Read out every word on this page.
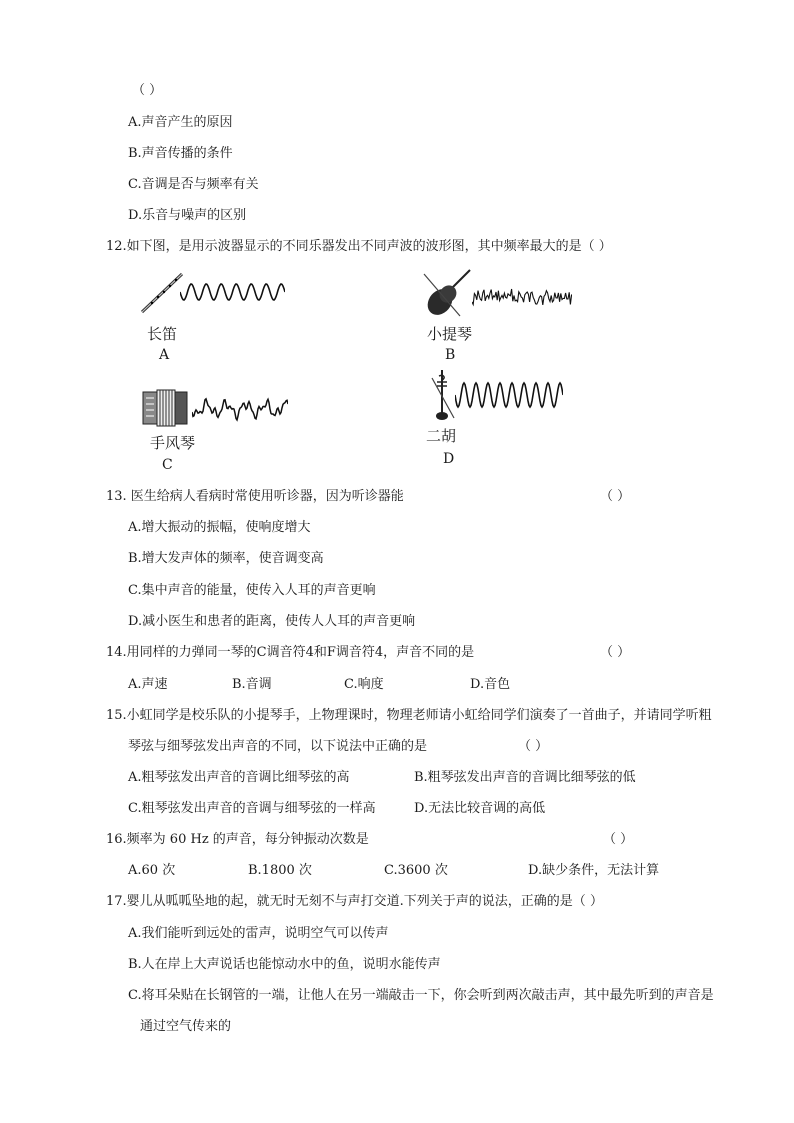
（ ）
A.声音产生的原因
B.声音传播的条件
C.音调是否与频率有关
D.乐音与噪声的区别
12.如下图，是用示波器显示的不同乐器发出不同声波的波形图，其中频率最大的是（ ）
长笛
A
小提琴
B
手风琴
C
二胡
D
13. 医生给病人看病时常使用听诊器，因为听诊器能	（ ）
A.增大振动的振幅，使响度增大
B.增大发声体的频率，使音调变高
C.集中声音的能量，使传入人耳的声音更响
D.减小医生和患者的距离，使传人人耳的声音更响
14.用同样的力弹同一琴的C调音符4和F调音符4，声音不同的是	（ ）
A.声速	B.音调	C.响度	D.音色
15.小虹同学是校乐队的小提琴手，上物理课时，物理老师请小虹给同学们演奏了一首曲子，并请同学听粗
琴弦与细琴弦发出声音的不同，以下说法中正确的是	（ ）
A.粗琴弦发出声音的音调比细琴弦的高	B.粗琴弦发出声音的音调比细琴弦的低
C.粗琴弦发出声音的音调与细琴弦的一样高	D.无法比较音调的高低
16.频率为 60 Hz 的声音，每分钟振动次数是	（ ）
A.60 次	B.1800 次	C.3600 次	D.缺少条件，无法计算
17.婴儿从呱呱坠地的起，就无时无刻不与声打交道.下列关于声的说法，正确的是（ ）
A.我们能听到远处的雷声，说明空气可以传声
B.人在岸上大声说话也能惊动水中的鱼，说明水能传声
C.将耳朵贴在长钢管的一端，让他人在另一端敲击一下，你会听到两次敲击声，其中最先听到的声音是
通过空气传来的
